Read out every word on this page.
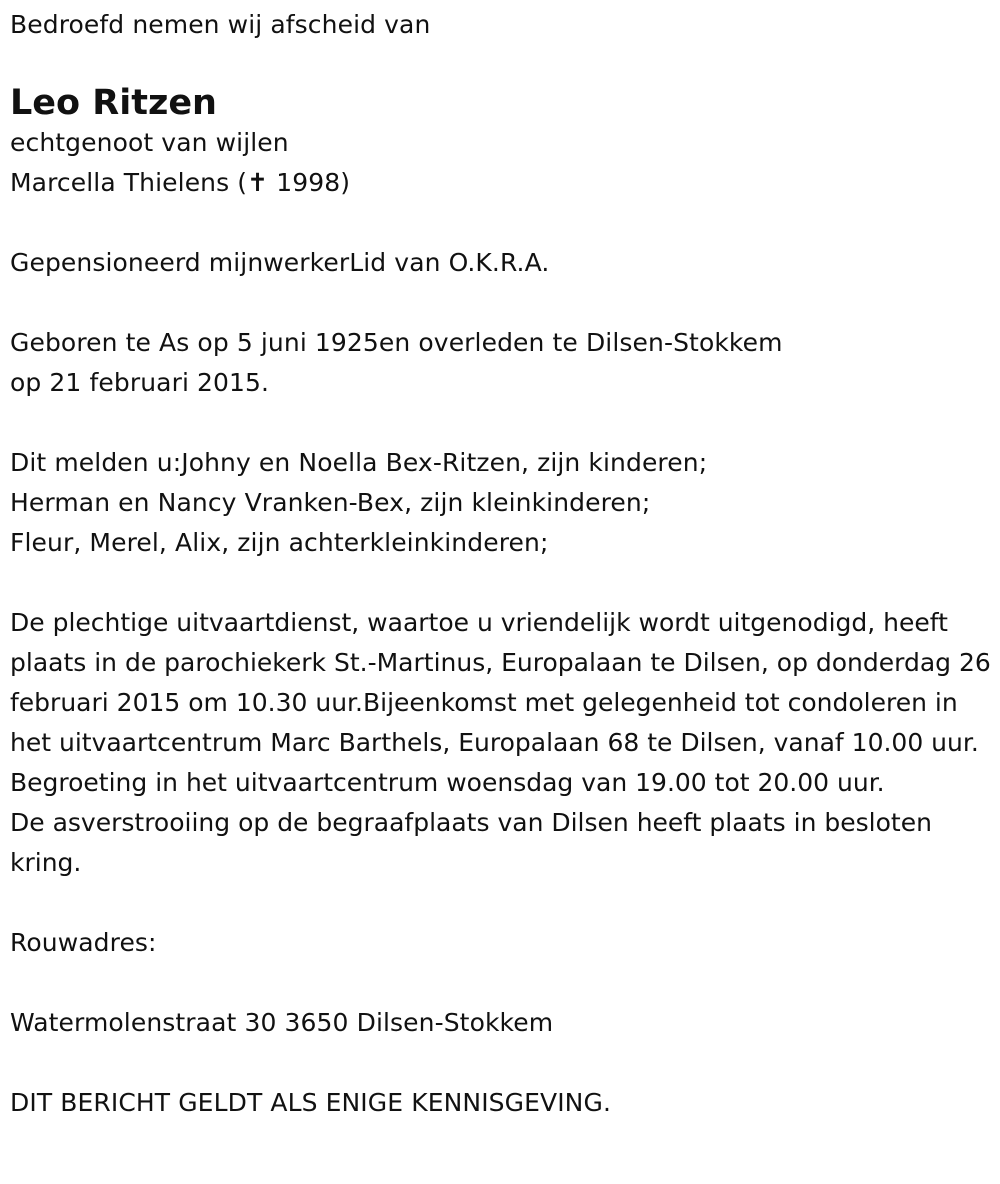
Bedroefd nemen wij afscheid van
Leo Ritzen
echtgenoot van wijlen
Marcella Thielens (✝ 1998)
Gepensioneerd mijnwerkerLid van O.K.R.A.
Geboren te As op 5 juni 1925en overleden te Dilsen-Stokkem
op 21 februari 2015.
Dit melden u:Johny en Noella Bex-Ritzen, zijn kinderen;
Herman en Nancy Vranken-Bex, zijn kleinkinderen;
Fleur, Merel, Alix, zijn achterkleinkinderen;
De plechtige uitvaartdienst, waartoe u vriendelijk wordt uitgenodigd, heeft plaats in de parochiekerk St.-Martinus, Europalaan te Dilsen, op donderdag 26 februari 2015 om 10.30 uur.Bijeenkomst met gelegenheid tot condoleren in het uitvaartcentrum Marc Barthels, Europalaan 68 te Dilsen, vanaf 10.00 uur.
Begroeting in het uitvaartcentrum woensdag van 19.00 tot 20.00 uur.
De asverstrooiing op de begraafplaats van Dilsen heeft plaats in besloten kring.
Rouwadres:
Watermolenstraat 30 3650 Dilsen-Stokkem
DIT BERICHT GELDT ALS ENIGE KENNISGEVING.
